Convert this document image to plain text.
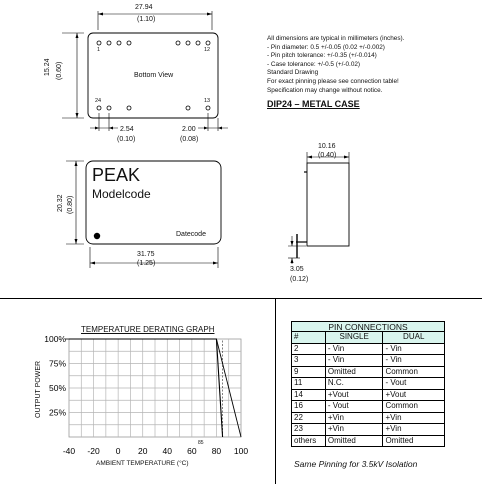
27.94
(1.10)
15.24 (0.60)
1	12
24	13
Bottom View
2.54
(0.10)
2.00
(0.08)
20.32 (0.80)
PEAK
Modelcode
Datecode
31.75
(1.25)
10.16
(0.40)
3.05
(0.12)
All dimensions are typical in millimeters (inches).
- Pin diameter: 0.5 +/-0.05 (0.02 +/-0.002)
- Pin pitch tolerance: +/-0.35 (+/-0.014)
- Case tolerance: +/-0.5 (+/-0.02)
Standard Drawing
For exact pinning please see connection table!
Specification may change without notice.
DIP24 – METAL CASE
TEMPERATURE DERATING GRAPH
OUTPUT POWER
AMBIENT TEMPERATURE (°C)
85
100%
75%
50%
25%
-40 -20 0 20 40 60 80 100
PIN CONNECTIONS
#	SINGLE	DUAL
2	- Vin	- Vin
3	- Vin	- Vin
9	Omitted	Common
11	N.C.	- Vout
14	+Vout	+Vout
16	- Vout	Common
22	+Vin	+Vin
23	+Vin	+Vin
others	Omitted	Omitted
Same Pinning for 3.5kV Isolation
